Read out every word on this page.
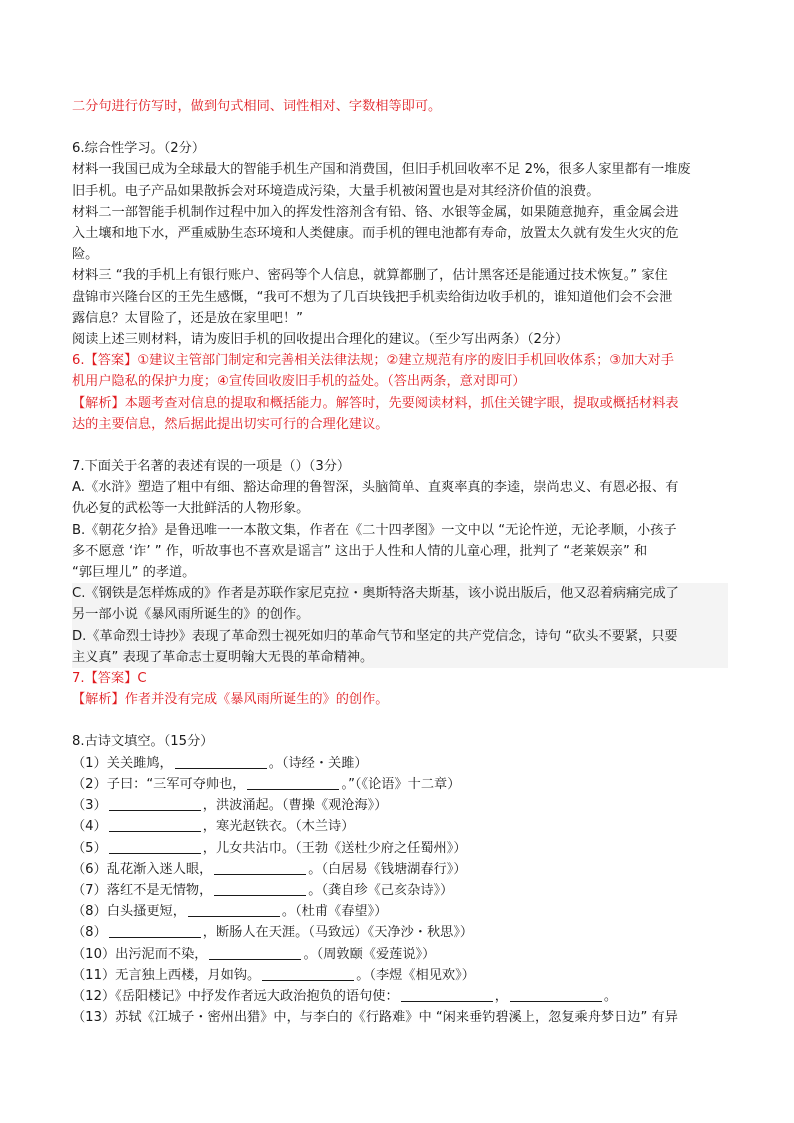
二分句进行仿写时，做到句式相同、词性相对、字数相等即可。
6.综合性学习。（2分）
材料一我国已成为全球最大的智能手机生产国和消费国，但旧手机回收率不足 2%，很多人家里都有一堆废
旧手机。电子产品如果散拆会对环境造成污染，大量手机被闲置也是对其经济价值的浪费。
材料二一部智能手机制作过程中加入的挥发性溶剂含有铅、铬、水银等金属，如果随意抛弃，重金属会进
入土壤和地下水，严重威胁生态环境和人类健康。而手机的锂电池都有寿命，放置太久就有发生火灾的危
险。
材料三 “我的手机上有银行账户、密码等个人信息，就算都删了，估计黑客还是能通过技术恢复。” 家住
盘锦市兴隆台区的王先生感慨，“我可不想为了几百块钱把手机卖给街边收手机的，谁知道他们会不会泄
露信息？太冒险了，还是放在家里吧！”
阅读上述三则材料，请为废旧手机的回收提出合理化的建议。（至少写出两条）（2分）
6.【答案】①建议主管部门制定和完善相关法律法规；②建立规范有序的废旧手机回收体系；③加大对手
机用户隐私的保护力度；④宣传回收废旧手机的益处。（答出两条，意对即可）
【解析】本题考查对信息的提取和概括能力。解答时，先要阅读材料，抓住关键字眼，提取或概括材料表
达的主要信息，然后据此提出切实可行的合理化建议。
7.下面关于名著的表述有误的一项是（）（3分）
A.《水浒》塑造了粗中有细、豁达命理的鲁智深，头脑简单、直爽率真的李逵，崇尚忠义、有恩必报、有
仇必复的武松等一大批鲜活的人物形象。
B.《朝花夕拾》是鲁迅唯一一本散文集，作者在《二十四孝图》一文中以 “无论忤逆，无论孝顺，小孩子
多不愿意 ‘诈’ ” 作，听故事也不喜欢是谣言” 这出于人性和人情的儿童心理，批判了 “老莱娱亲” 和
“郭巨埋儿” 的孝道。
C.《钢铁是怎样炼成的》作者是苏联作家尼克拉・奥斯特洛夫斯基，该小说出版后，他又忍着病痛完成了
另一部小说《暴风雨所诞生的》的创作。
D.《革命烈士诗抄》表现了革命烈士视死如归的革命气节和坚定的共产党信念，诗句 “砍头不要紧，只要
主义真” 表现了革命志士夏明翰大无畏的革命精神。
7.【答案】C
【解析】作者并没有完成《暴风雨所诞生的》的创作。
8.古诗文填空。（15分）
（1）关关雎鸠，	。（诗经・关雎）
（2）子曰：“三军可夺帅也，	。”（《论语》十二章）
（3）	，洪波涌起。（曹操《观沧海》）
（4）	，寒光赵铁衣。（木兰诗）
（5）	，儿女共沾巾。（王勃《送杜少府之任蜀州》）
（6）乱花渐入迷人眼，	。（白居易《钱塘湖春行》）
（7）落红不是无情物，	。（龚自珍《己亥杂诗》）
（8）白头搔更短，	。（杜甫《春望》）
（8）	，断肠人在天涯。（马致远）《天净沙・秋思》）
（10）出污泥而不染，	。（周敦颐《爱莲说》）
（11）无言独上西楼，月如钩。	。（李煜《相见欢》）
（12）《岳阳楼记》中抒发作者远大政治抱负的语句使：	，	。
（13）苏轼《江城子・密州出猎》中，与李白的《行路难》中 “闲来垂钓碧溪上，忽复乘舟梦日边” 有异
